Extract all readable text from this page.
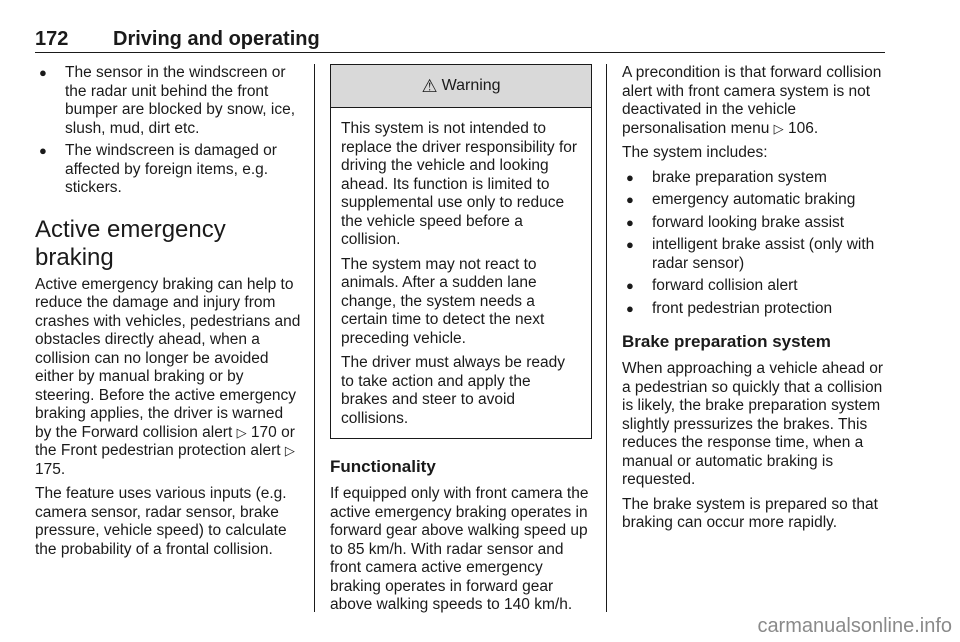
172 Driving and operating
● The sensor in the windscreen or the radar unit behind the front bumper are blocked by snow, ice, slush, mud, dirt etc.
● The windscreen is damaged or affected by foreign items, e.g. stickers.
Active emergency braking

Active emergency braking can help to reduce the damage and injury from crashes with vehicles, pedestrians and obstacles directly ahead, when a collision can no longer be avoided either by manual braking or by steering. Before the active emergency braking applies, the driver is warned by the Forward collision alert ▷ 170 or the Front pedestrian protection alert ▷ 175.

The feature uses various inputs (e.g. camera sensor, radar sensor, brake pressure, vehicle speed) to calculate the probability of a frontal collision.

⚠ Warning

This system is not intended to replace the driver responsibility for driving the vehicle and looking ahead. Its function is limited to supplemental use only to reduce the vehicle speed before a collision.

The system may not react to animals. After a sudden lane change, the system needs a certain time to detect the next preceding vehicle.

The driver must always be ready to take action and apply the brakes and steer to avoid collisions.

Functionality

If equipped only with front camera the active emergency braking operates in forward gear above walking speed up to 85 km/h. With radar sensor and front camera active emergency braking operates in forward gear above walking speeds to 140 km/h.

A precondition is that forward collision alert with front camera system is not deactivated in the vehicle personalisation menu ▷ 106.

The system includes:

● brake preparation system
● emergency automatic braking
● forward looking brake assist
● intelligent brake assist (only with radar sensor)
● forward collision alert
● front pedestrian protection
Brake preparation system

When approaching a vehicle ahead or a pedestrian so quickly that a collision is likely, the brake preparation system slightly pressurizes the brakes. This reduces the response time, when a manual or automatic braking is requested.

The brake system is prepared so that braking can occur more rapidly.

carmanualsonline.info
